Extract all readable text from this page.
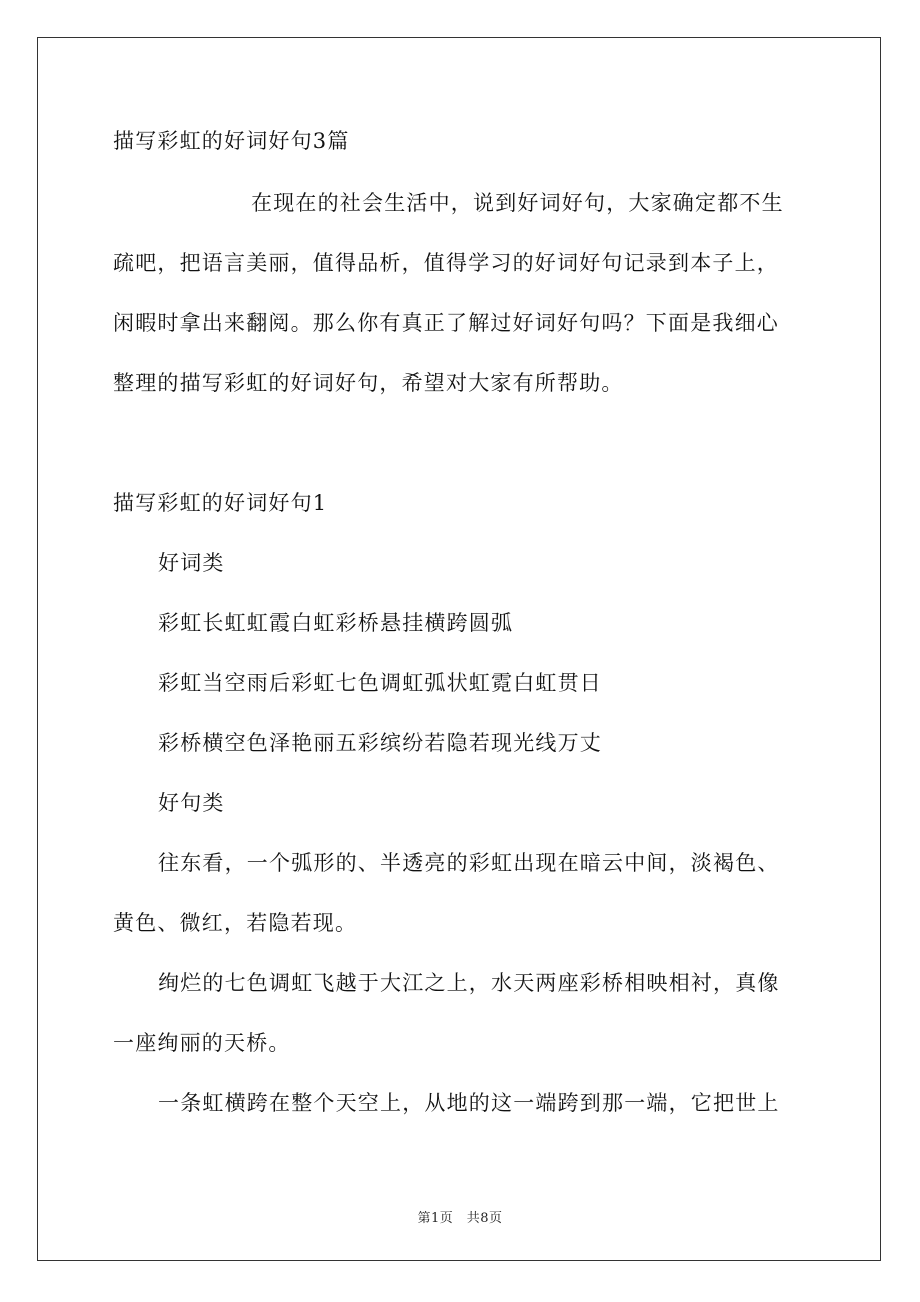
描写彩虹的好词好句3篇
在现在的社会生活中，说到好词好句，大家确定都不生
疏吧，把语言美丽，值得品析，值得学习的好词好句记录到本子上，
闲暇时拿出来翻阅。那么你有真正了解过好词好句吗？下面是我细心
整理的描写彩虹的好词好句，希望对大家有所帮助。
描写彩虹的好词好句1
好词类
彩虹长虹虹霞白虹彩桥悬挂横跨圆弧
彩虹当空雨后彩虹七色调虹弧状虹霓白虹贯日
彩桥横空色泽艳丽五彩缤纷若隐若现光线万丈
好句类
往东看，一个弧形的、半透亮的彩虹出现在暗云中间，淡褐色、
黄色、微红，若隐若现。
绚烂的七色调虹飞越于大江之上，水天两座彩桥相映相衬，真像
一座绚丽的天桥。
一条虹横跨在整个天空上，从地的这一端跨到那一端，它把世上
第1页　共8页
